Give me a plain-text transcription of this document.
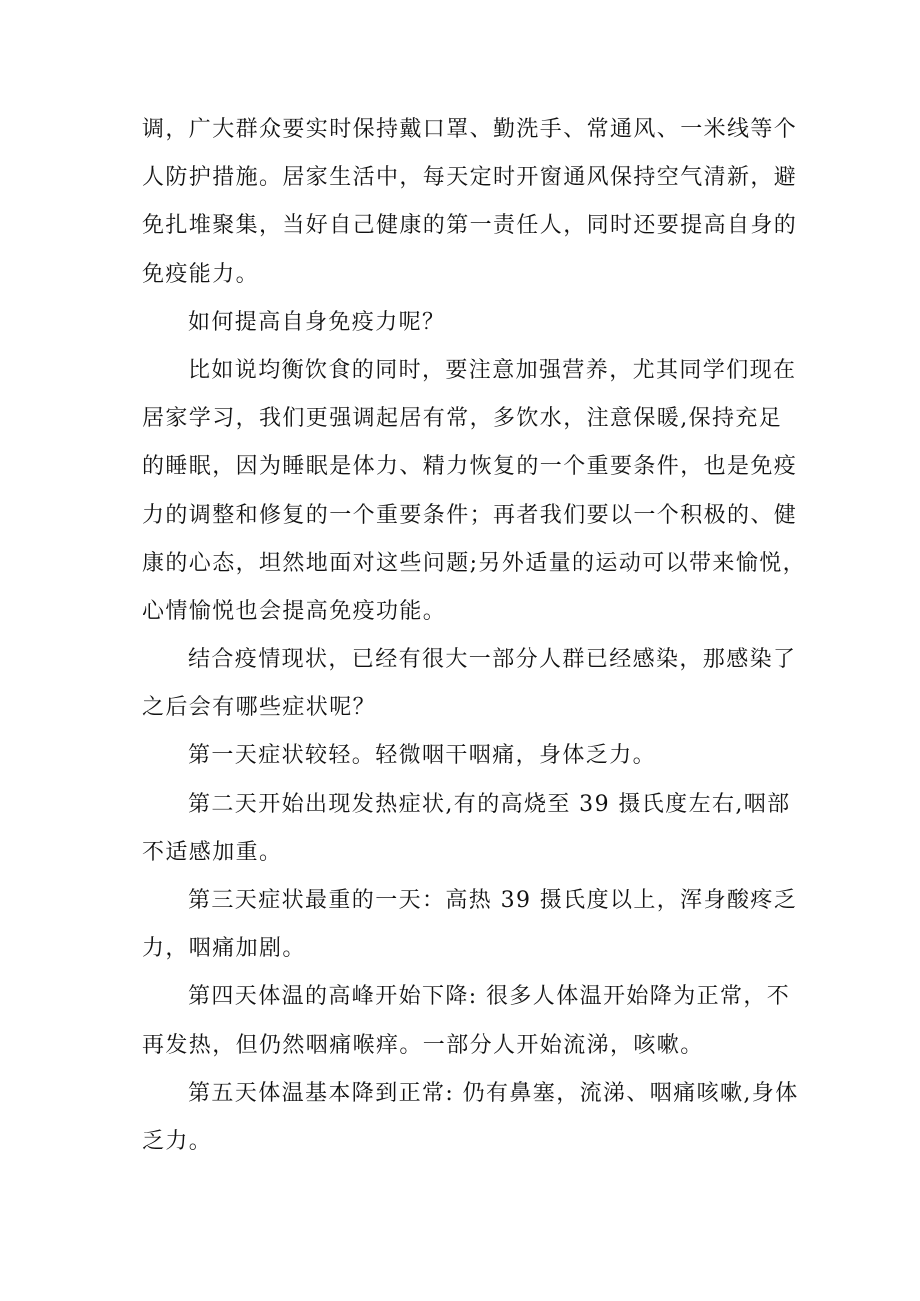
调，广大群众要实时保持戴口罩、勤洗手、常通风、一米线等个
人防护措施。居家生活中，每天定时开窗通风保持空气清新，避
免扎堆聚集，当好自己健康的第一责任人，同时还要提高自身的
免疫能力。
如何提高自身免疫力呢？
比如说均衡饮食的同时，要注意加强营养，尤其同学们现在
居家学习，我们更强调起居有常，多饮水，注意保暖,保持充足
的睡眠，因为睡眠是体力、精力恢复的一个重要条件，也是免疫
力的调整和修复的一个重要条件；再者我们要以一个积极的、健
康的心态，坦然地面对这些问题;另外适量的运动可以带来愉悦，
心情愉悦也会提高免疫功能。
结合疫情现状，已经有很大一部分人群已经感染，那感染了
之后会有哪些症状呢？
第一天症状较轻。轻微咽干咽痛，身体乏力。
第二天开始出现发热症状,有的高烧至 39 摄氏度左右,咽部
不适感加重。
第三天症状最重的一天：高热 39 摄氏度以上，浑身酸疼乏
力，咽痛加剧。
第四天体温的高峰开始下降: 很多人体温开始降为正常，不
再发热，但仍然咽痛喉痒。一部分人开始流涕，咳嗽。
第五天体温基本降到正常: 仍有鼻塞，流涕、咽痛咳嗽,身体
乏力。
